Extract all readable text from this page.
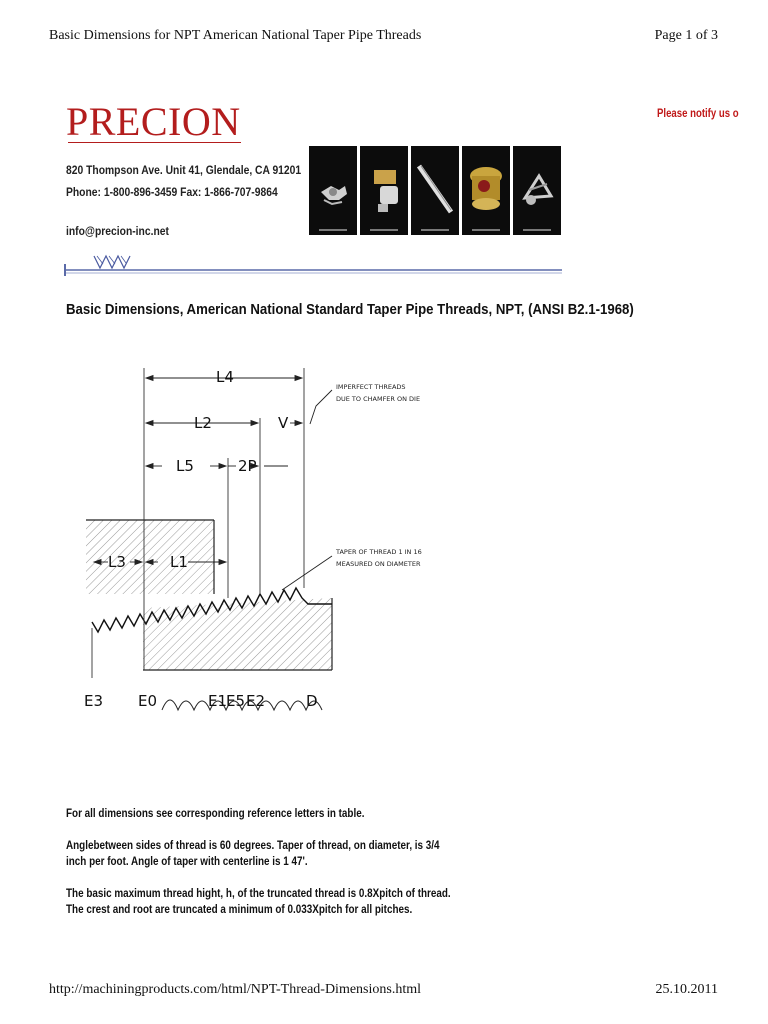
Basic Dimensions for NPT American National Taper Pipe Threads	Page 1 of 3
PRECION	Please notify us o
820 Thompson Ave. Unit 41, Glendale, CA 91201
Phone: 1-800-896-3459 Fax: 1-866-707-9864
info@precion-inc.net
Basic Dimensions, American National Standard Taper Pipe Threads, NPT, (ANSI B2.1-1968)
L4
L2	V
L5	2P
L3	L1
IMPERFECT THREADS
DUE TO CHAMFER ON DIE
TAPER OF THREAD 1 IN 16
MEASURED ON DIAMETER
E3 E0	E1
E5 E2	D
For all dimensions see corresponding reference letters in table.
Anglebetween sides of thread is 60 degrees. Taper of thread, on diameter, is 3/4
inch per foot. Angle of taper with centerline is 1 47'.
The basic maximum thread hight, h, of the truncated thread is 0.8Xpitch of thread.
The crest and root are truncated a minimum of 0.033Xpitch for all pitches.
http://machiningproducts.com/html/NPT-Thread-Dimensions.html	25.10.2011
